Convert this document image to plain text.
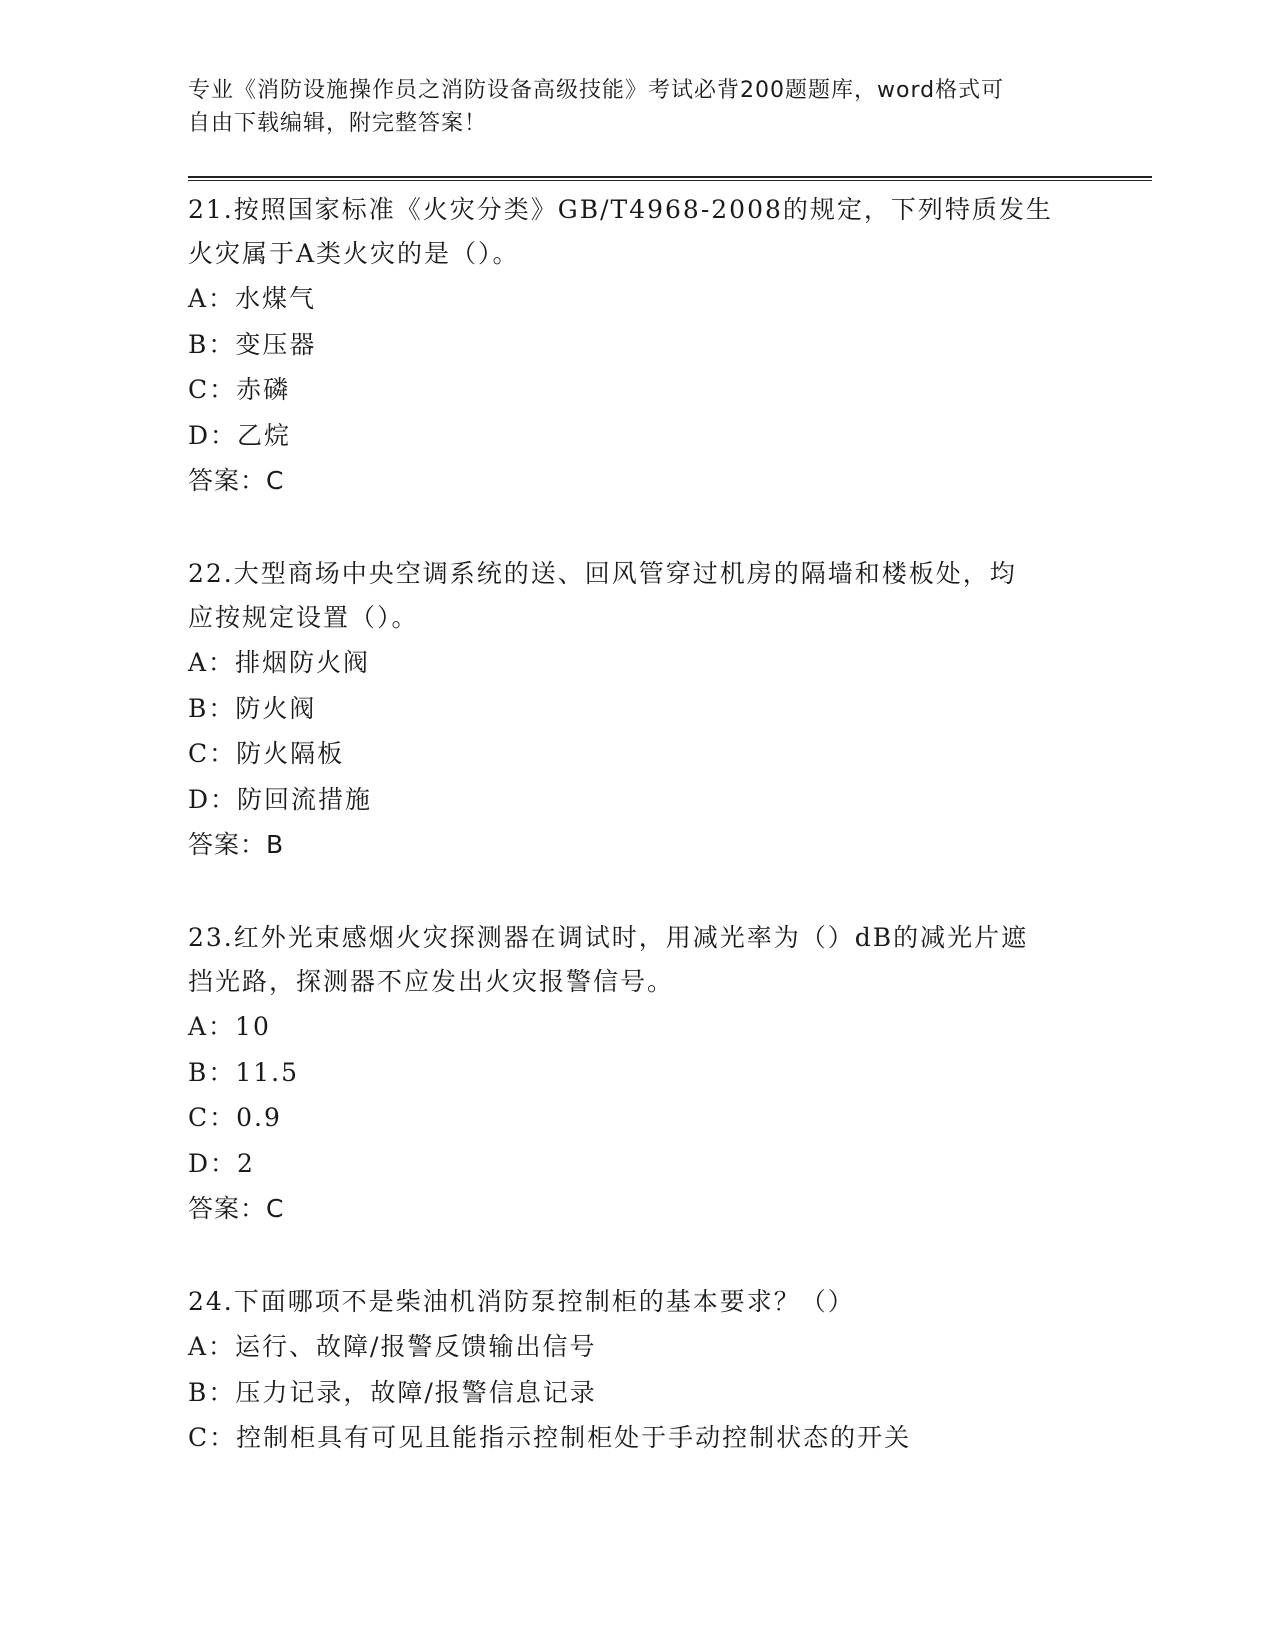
专业《消防设施操作员之消防设备高级技能》考试必背200题题库，word格式可
自由下载编辑，附完整答案！

21.按照国家标准《火灾分类》GB/T4968-2008的规定，下列特质发生

火灾属于A类火灾的是（）。

A：水煤气

B：变压器

C：赤磷

D：乙烷

答案：C

22.大型商场中央空调系统的送、回风管穿过机房的隔墙和楼板处，均

应按规定设置（）。

A：排烟防火阀

B：防火阀

C：防火隔板

D：防回流措施

答案：B

23.红外光束感烟火灾探测器在调试时，用减光率为（）dB的减光片遮

挡光路，探测器不应发出火灾报警信号。

A：10

B：11.5

C：0.9

D：2

答案：C

24.下面哪项不是柴油机消防泵控制柜的基本要求？（）

A：运行、故障/报警反馈输出信号

B：压力记录，故障/报警信息记录

C：控制柜具有可见且能指示控制柜处于手动控制状态的开关
